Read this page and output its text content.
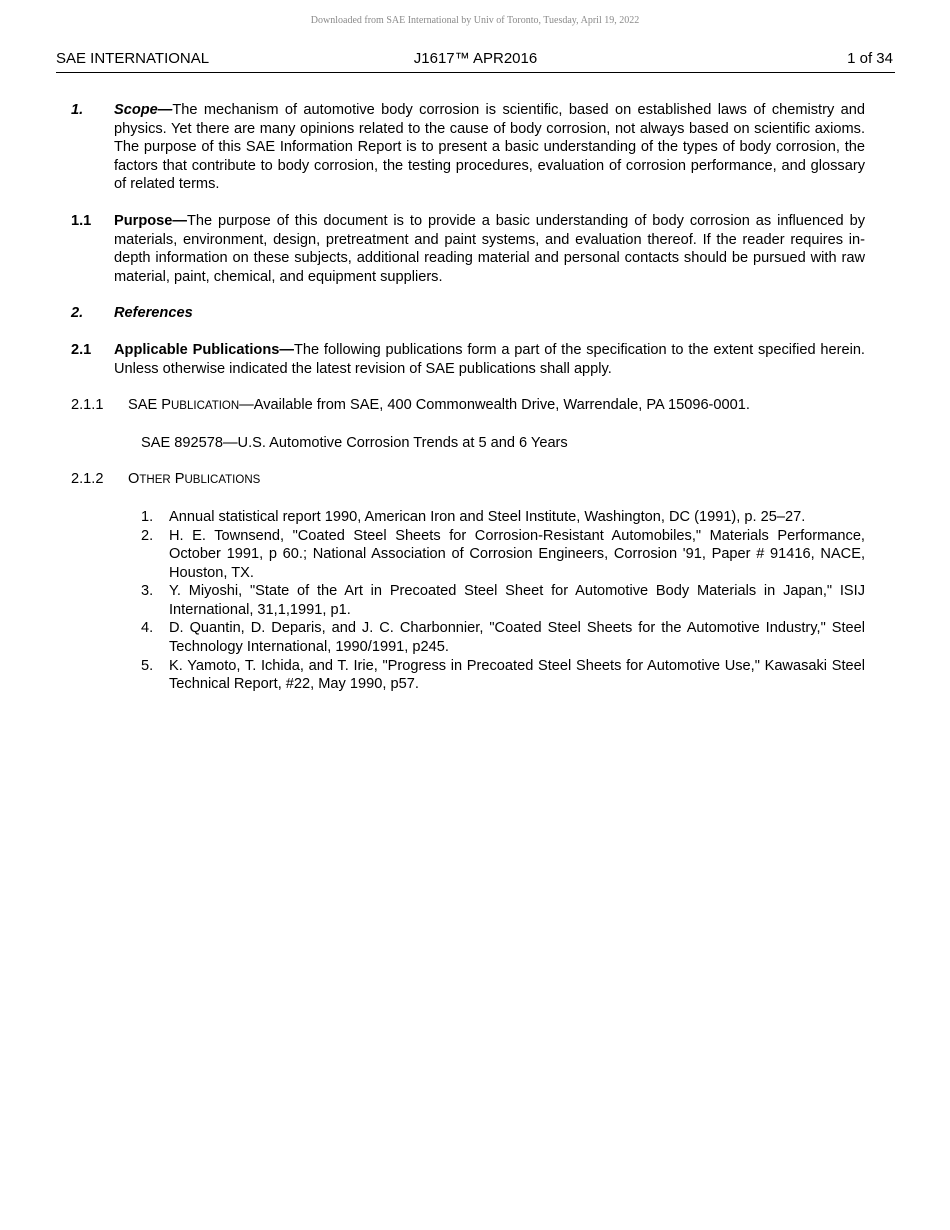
Downloaded from SAE International by Univ of Toronto, Tuesday, April 19, 2022
SAE INTERNATIONAL	J1617™ APR2016	1 of 34
1. Scope—The mechanism of automotive body corrosion is scientific, based on established laws of chemistry and physics. Yet there are many opinions related to the cause of body corrosion, not always based on scientific axioms. The purpose of this SAE Information Report is to present a basic understanding of the types of body corrosion, the factors that contribute to body corrosion, the testing procedures, evaluation of corrosion performance, and glossary of related terms.
1.1 Purpose—The purpose of this document is to provide a basic understanding of body corrosion as influenced by materials, environment, design, pretreatment and paint systems, and evaluation thereof. If the reader requires in-depth information on these subjects, additional reading material and personal contacts should be pursued with raw material, paint, chemical, and equipment suppliers.
2. References
2.1 Applicable Publications—The following publications form a part of the specification to the extent specified herein. Unless otherwise indicated the latest revision of SAE publications shall apply.
2.1.1 SAE PUBLICATION—Available from SAE, 400 Commonwealth Drive, Warrendale, PA 15096-0001.
SAE 892578—U.S. Automotive Corrosion Trends at 5 and 6 Years
2.1.2 OTHER PUBLICATIONS
1. Annual statistical report 1990, American Iron and Steel Institute, Washington, DC (1991), p. 25–27.
2. H. E. Townsend, "Coated Steel Sheets for Corrosion-Resistant Automobiles," Materials Performance, October 1991, p 60.; National Association of Corrosion Engineers, Corrosion '91, Paper # 91416, NACE, Houston, TX.
3. Y. Miyoshi, "State of the Art in Precoated Steel Sheet for Automotive Body Materials in Japan," ISIJ International, 31,1,1991, p1.
4. D. Quantin, D. Deparis, and J. C. Charbonnier, "Coated Steel Sheets for the Automotive Industry," Steel Technology International, 1990/1991, p245.
5. K. Yamoto, T. Ichida, and T. Irie, "Progress in Precoated Steel Sheets for Automotive Use," Kawasaki Steel Technical Report, #22, May 1990, p57.
